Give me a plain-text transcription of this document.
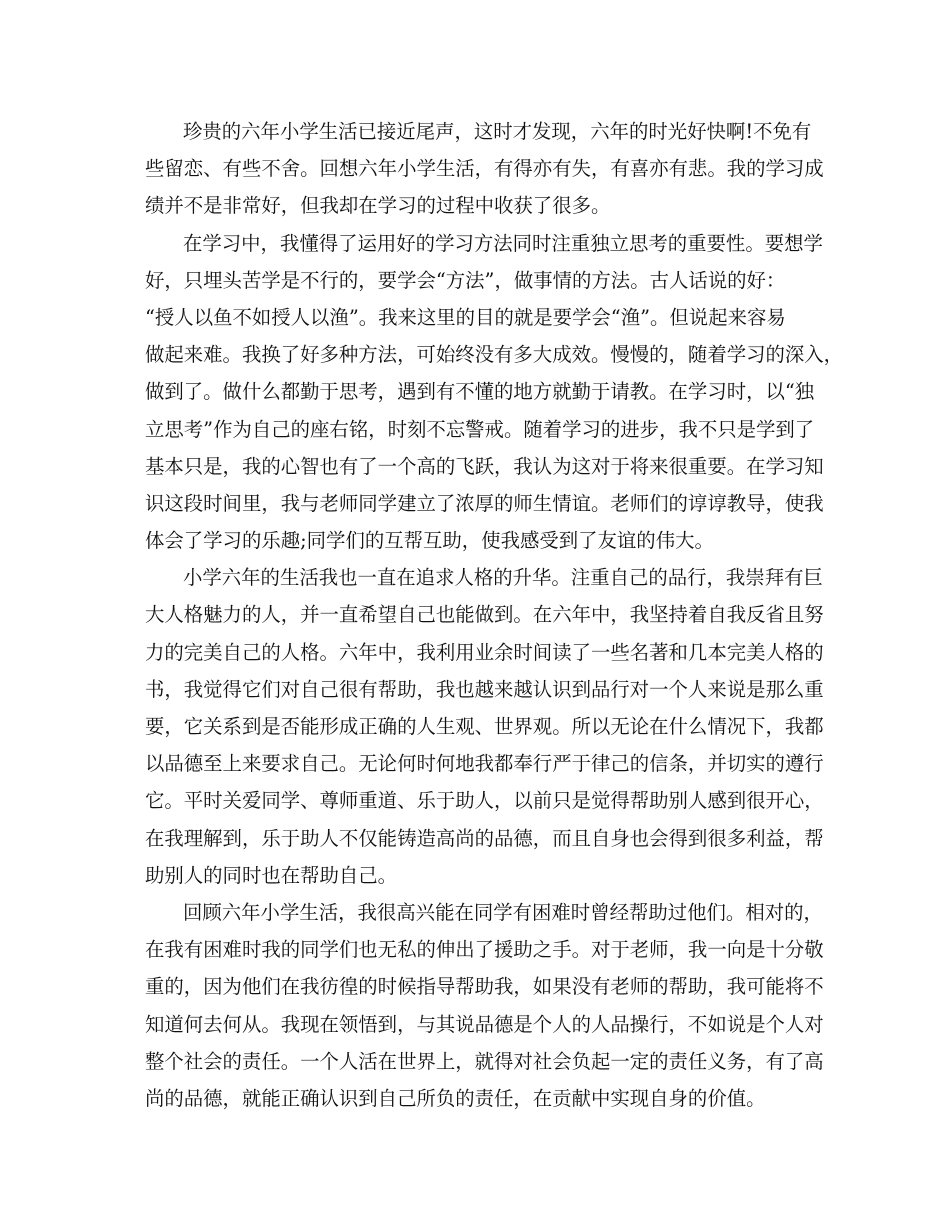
珍贵的六年小学生活已接近尾声，这时才发现，六年的时光好快啊!不免有
些留恋、有些不舍。回想六年小学生活，有得亦有失，有喜亦有悲。我的学习成
绩并不是非常好，但我却在学习的过程中收获了很多。
在学习中，我懂得了运用好的学习方法同时注重独立思考的重要性。要想学
好，只埋头苦学是不行的，要学会“方法”，做事情的方法。古人话说的好：
“授人以鱼不如授人以渔”。我来这里的目的就是要学会“渔”。但说起来容易
做起来难。我换了好多种方法，可始终没有多大成效。慢慢的，随着学习的深入，
做到了。做什么都勤于思考，遇到有不懂的地方就勤于请教。在学习时，以“独
立思考”作为自己的座右铭，时刻不忘警戒。随着学习的进步，我不只是学到了
基本只是，我的心智也有了一个高的飞跃，我认为这对于将来很重要。在学习知
识这段时间里，我与老师同学建立了浓厚的师生情谊。老师们的谆谆教导，使我
体会了学习的乐趣;同学们的互帮互助，使我感受到了友谊的伟大。
小学六年的生活我也一直在追求人格的升华。注重自己的品行，我崇拜有巨
大人格魅力的人，并一直希望自己也能做到。在六年中，我坚持着自我反省且努
力的完美自己的人格。六年中，我利用业余时间读了一些名著和几本完美人格的
书，我觉得它们对自己很有帮助，我也越来越认识到品行对一个人来说是那么重
要，它关系到是否能形成正确的人生观、世界观。所以无论在什么情况下，我都
以品德至上来要求自己。无论何时何地我都奉行严于律己的信条，并切实的遵行
它。平时关爱同学、尊师重道、乐于助人，以前只是觉得帮助别人感到很开心，
在我理解到，乐于助人不仅能铸造高尚的品德，而且自身也会得到很多利益，帮
助别人的同时也在帮助自己。
回顾六年小学生活，我很高兴能在同学有困难时曾经帮助过他们。相对的，
在我有困难时我的同学们也无私的伸出了援助之手。对于老师，我一向是十分敬
重的，因为他们在我彷徨的时候指导帮助我，如果没有老师的帮助，我可能将不
知道何去何从。我现在领悟到，与其说品德是个人的人品操行，不如说是个人对
整个社会的责任。一个人活在世界上，就得对社会负起一定的责任义务，有了高
尚的品德，就能正确认识到自己所负的责任，在贡献中实现自身的价值。
